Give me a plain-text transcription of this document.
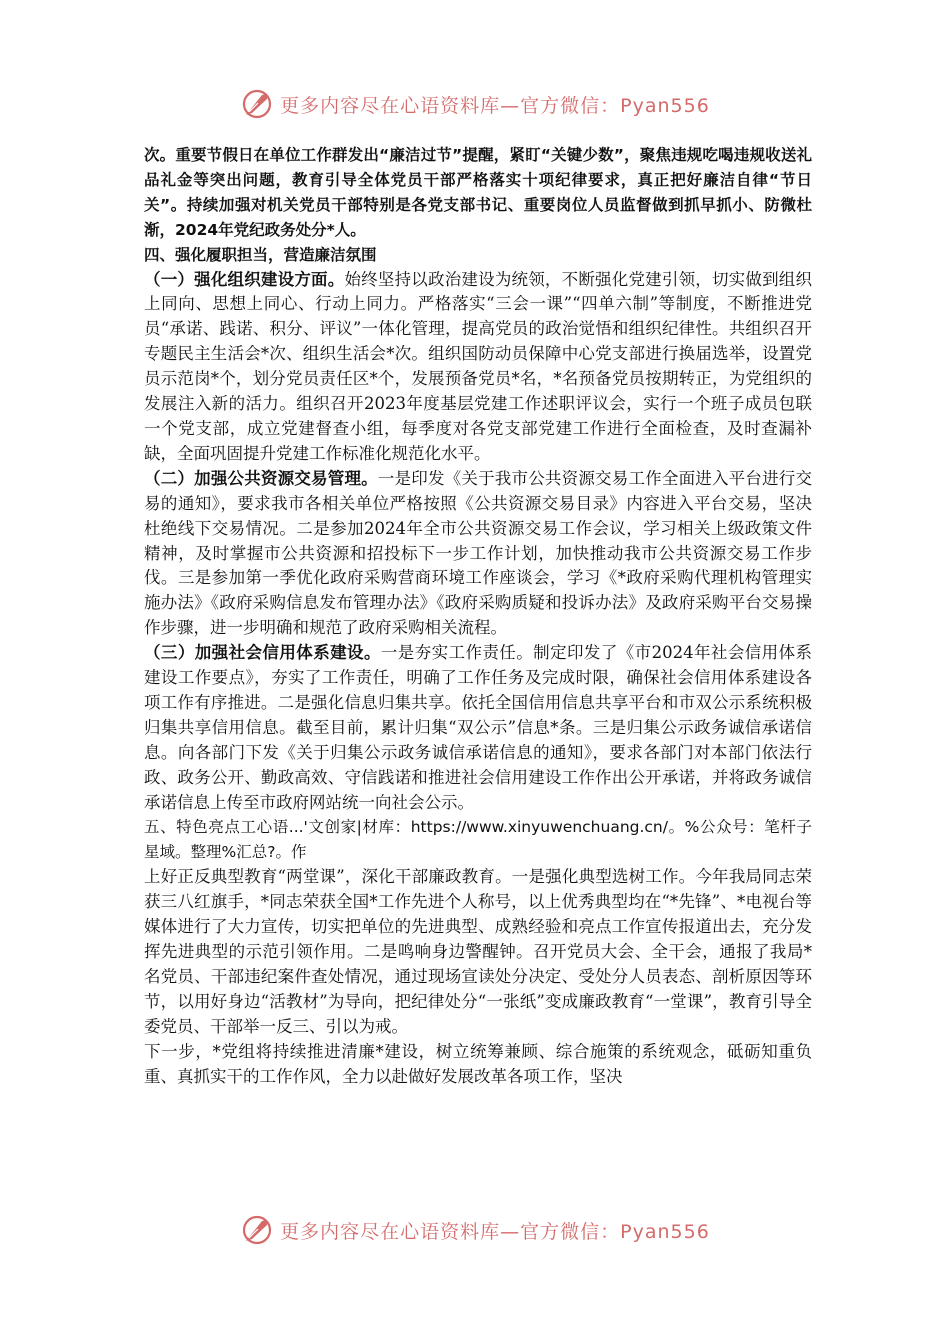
更多内容尽在心语资料库—官方微信：Pyan556

次。重要节假日在单位工作群发出“廉洁过节”提醒，紧盯“关键少数”，聚焦违规吃喝违规收送礼品礼金等突出问题，教育引导全体党员干部严格落实十项纪律要求，真正把好廉洁自律“节日关”。持续加强对机关党员干部特别是各党支部书记、重要岗位人员监督做到抓早抓小、防微杜渐，2024年党纪政务处分*人。

四、强化履职担当，营造廉洁氛围

（一）强化组织建设方面。始终坚持以政治建设为统领，不断强化党建引领，切实做到组织上同向、思想上同心、行动上同力。严格落实“三会一课”“四单六制”等制度，不断推进党员“承诺、践诺、积分、评议”一体化管理，提高党员的政治觉悟和组织纪律性。共组织召开专题民主生活会*次、组织生活会*次。组织国防动员保障中心党支部进行换届选举，设置党员示范岗*个，划分党员责任区*个，发展预备党员*名，*名预备党员按期转正，为党组织的发展注入新的活力。组织召开2023年度基层党建工作述职评议会，实行一个班子成员包联一个党支部，成立党建督查小组，每季度对各党支部党建工作进行全面检查，及时查漏补缺，全面巩固提升党建工作标准化规范化水平。

（二）加强公共资源交易管理。一是印发《关于我市公共资源交易工作全面进入平台进行交易的通知》，要求我市各相关单位严格按照《公共资源交易目录》内容进入平台交易，坚决杜绝线下交易情况。二是参加2024年全市公共资源交易工作会议，学习相关上级政策文件精神，及时掌握市公共资源和招投标下一步工作计划，加快推动我市公共资源交易工作步伐。三是参加第一季优化政府采购营商环境工作座谈会，学习《*政府采购代理机构管理实施办法》《政府采购信息发布管理办法》《政府采购质疑和投诉办法》及政府采购平台交易操作步骤，进一步明确和规范了政府采购相关流程。

（三）加强社会信用体系建设。一是夯实工作责任。制定印发了《市2024年社会信用体系建设工作要点》，夯实了工作责任，明确了工作任务及完成时限，确保社会信用体系建设各项工作有序推进。二是强化信息归集共享。依托全国信用信息共享平台和市双公示系统积极归集共享信用信息。截至目前，累计归集“双公示”信息*条。三是归集公示政务诚信承诺信息。向各部门下发《关于归集公示政务诚信承诺信息的通知》，要求各部门对本部门依法行政、政务公开、勤政高效、守信践诺和推进社会信用建设工作作出公开承诺，并将政务诚信承诺信息上传至市政府网站统一向社会公示。

五、特色亮点工心语...'文创家|材库：https://www.xinyuwenchuang.cn/。%公众号：笔杆子星域。整理%汇总?。作

上好正反典型教育“两堂课”，深化干部廉政教育。一是强化典型选树工作。今年我局同志荣获三八红旗手，*同志荣获全国*工作先进个人称号，以上优秀典型均在“*先锋”、*电视台等媒体进行了大力宣传，切实把单位的先进典型、成熟经验和亮点工作宣传报道出去，充分发挥先进典型的示范引领作用。二是鸣响身边警醒钟。召开党员大会、全干会，通报了我局*名党员、干部违纪案件查处情况，通过现场宣读处分决定、受处分人员表态、剖析原因等环节，以用好身边“活教材”为导向，把纪律处分“一张纸”变成廉政教育“一堂课”，教育引导全委党员、干部举一反三、引以为戒。

下一步，*党组将持续推进清廉*建设，树立统筹兼顾、综合施策的系统观念，砥砺知重负重、真抓实干的工作作风，全力以赴做好发展改革各项工作，坚决

更多内容尽在心语资料库—官方微信：Pyan556
